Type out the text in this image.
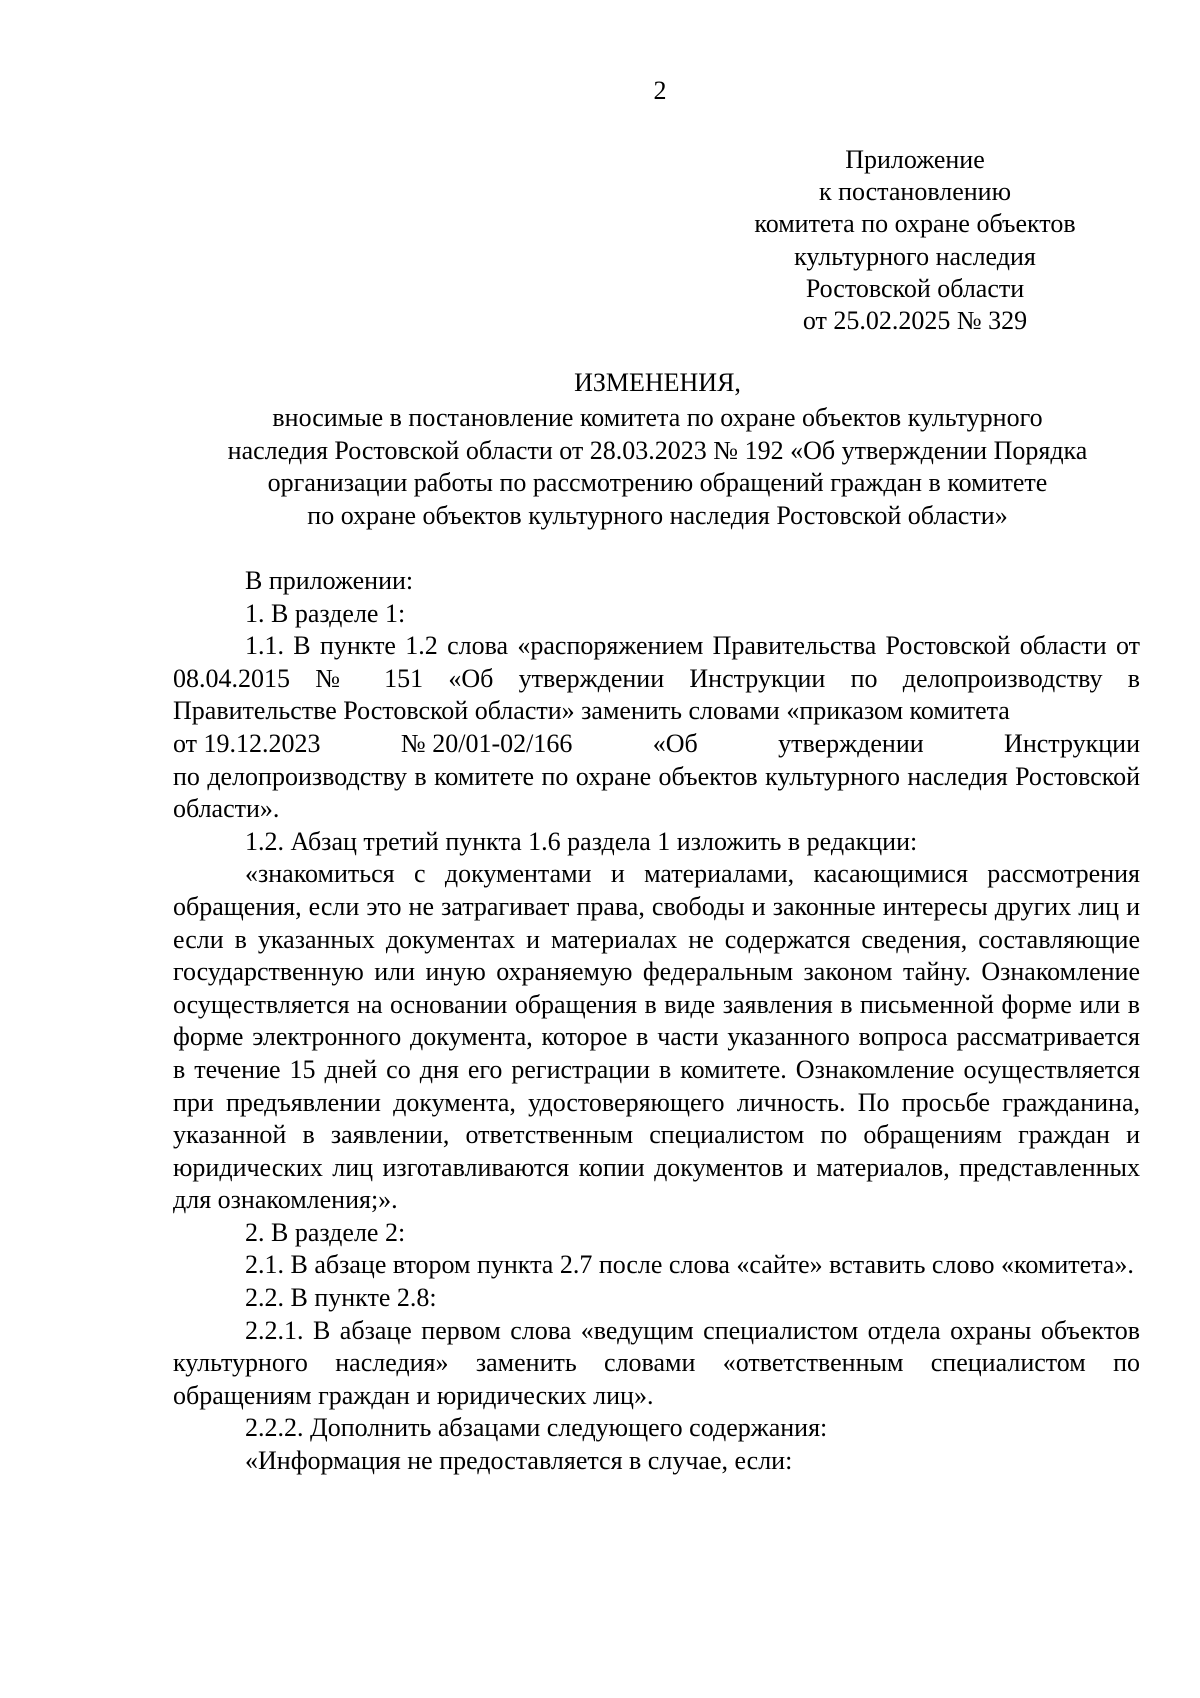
2
Приложение
к постановлению
комитета по охране объектов
культурного наследия
Ростовской области
от 25.02.2025 № 329
ИЗМЕНЕНИЯ,
вносимые в постановление комитета по охране объектов культурного
наследия Ростовской области от 28.03.2023 № 192 «Об утверждении Порядка
организации работы по рассмотрению обращений граждан в комитете
по охране объектов культурного наследия Ростовской области»

В приложении:

1. В разделе 1:

1.1. В пункте 1.2 слова «распоряжением Правительства Ростовской области от 08.04.2015 № 151 «Об утверждении Инструкции по делопроизводству в Правительстве Ростовской области» заменить словами «приказом комитета

от 19.12.2023	№ 20/01-02/166	«Об	утверждении	Инструкции

по делопроизводству в комитете по охране объектов культурного наследия Ростовской области».

1.2. Абзац третий пункта 1.6 раздела 1 изложить в редакции:

«знакомиться с документами и материалами, касающимися рассмотрения обращения, если это не затрагивает права, свободы и законные интересы других лиц и если в указанных документах и материалах не содержатся сведения, составляющие государственную или иную охраняемую федеральным законом тайну. Ознакомление осуществляется на основании обращения в виде заявления в письменной форме или в форме электронного документа, которое в части указанного вопроса рассматривается в течение 15 дней со дня его регистрации в комитете. Ознакомление осуществляется при предъявлении документа, удостоверяющего личность. По просьбе гражданина, указанной в заявлении, ответственным специалистом по обращениям граждан и юридических лиц изготавливаются копии документов и материалов, представленных для ознакомления;».

2. В разделе 2:

2.1. В абзаце втором пункта 2.7 после слова «сайте» вставить слово «комитета».

2.2. В пункте 2.8:

2.2.1. В абзаце первом слова «ведущим специалистом отдела охраны объектов культурного наследия» заменить словами «ответственным специалистом по обращениям граждан и юридических лиц».

2.2.2. Дополнить абзацами следующего содержания:

«Информация не предоставляется в случае, если:
